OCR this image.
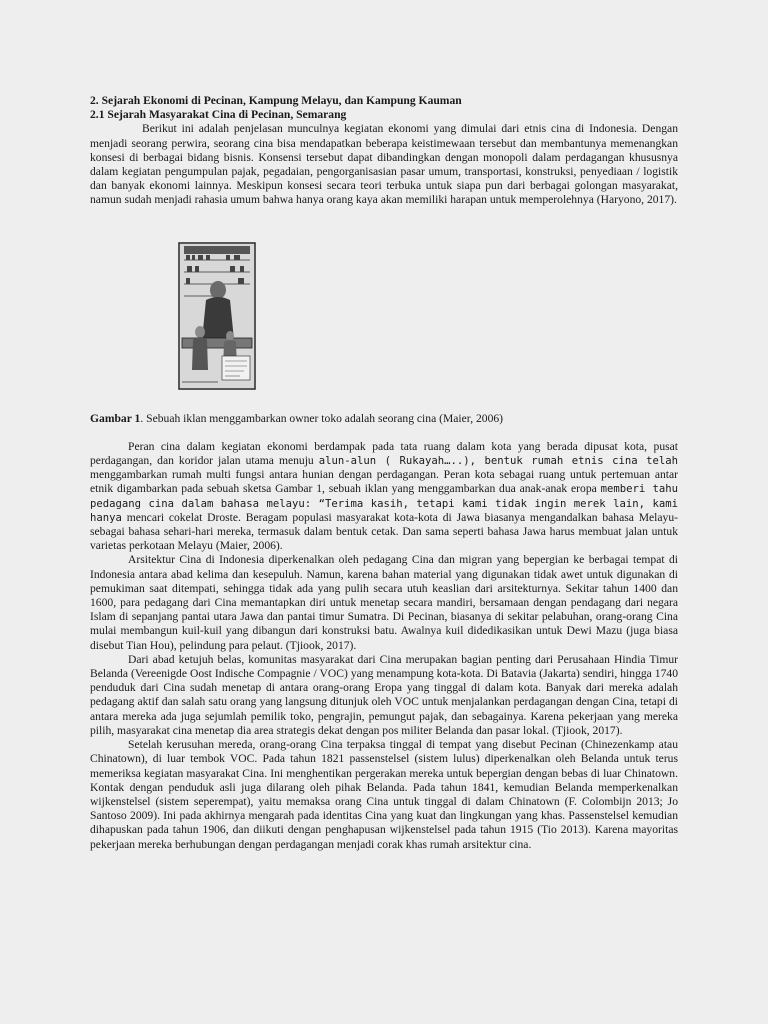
2. Sejarah Ekonomi di Pecinan, Kampung Melayu, dan Kampung Kauman

2.1 Sejarah Masyarakat Cina di Pecinan, Semarang

Berikut ini adalah penjelasan munculnya kegiatan ekonomi yang dimulai dari etnis cina di Indonesia. Dengan menjadi seorang perwira, seorang cina bisa mendapatkan beberapa keistimewaan tersebut dan membantunya memenangkan konsesi di berbagai bidang bisnis. Konsensi tersebut dapat dibandingkan dengan monopoli dalam perdagangan khususnya dalam kegiatan pengumpulan pajak, pegadaian, pengorganisasian pasar umum, transportasi, konstruksi, penyediaan / logistik dan banyak ekonomi lainnya. Meskipun konsesi secara teori terbuka untuk siapa pun dari berbagai golongan masyarakat, namun sudah menjadi rahasia umum bahwa hanya orang kaya akan memiliki harapan untuk memperolehnya (Haryono, 2017).

Gambar 1. Sebuah iklan menggambarkan owner toko adalah seorang cina (Maier, 2006)

Peran cina dalam kegiatan ekonomi berdampak pada tata ruang dalam kota yang berada dipusat kota, pusat perdagangan, dan koridor jalan utama menuju alun-alun ( Rukayah…..), bentuk rumah etnis cina telah menggambarkan rumah multi fungsi antara hunian dengan perdagangan. Peran kota sebagai ruang untuk pertemuan antar etnik digambarkan pada sebuah sketsa Gambar 1, sebuah iklan yang menggambarkan dua anak-anak eropa memberi tahu pedagang cina dalam bahasa melayu: “Terima kasih, tetapi kami tidak ingin merek lain, kami hanya mencari cokelat Droste. Beragam populasi masyarakat kota-kota di Jawa biasanya mengandalkan bahasa Melayu-sebagai bahasa sehari-hari mereka, termasuk dalam bentuk cetak. Dan sama seperti bahasa Jawa harus membuat jalan untuk varietas perkotaan Melayu (Maier, 2006).

Arsitektur Cina di Indonesia diperkenalkan oleh pedagang Cina dan migran yang bepergian ke berbagai tempat di Indonesia antara abad kelima dan kesepuluh. Namun, karena bahan material yang digunakan tidak awet untuk digunakan di pemukiman saat ditempati, sehingga tidak ada yang pulih secara utuh keaslian dari arsitekturnya. Sekitar tahun 1400 dan 1600, para pedagang dari Cina memantapkan diri untuk menetap secara mandiri, bersamaan dengan pendagang dari negara Islam di sepanjang pantai utara Jawa dan pantai timur Sumatra. Di Pecinan, biasanya di sekitar pelabuhan, orang-orang Cina mulai membangun kuil-kuil yang dibangun dari konstruksi batu. Awalnya kuil didedikasikan untuk Dewi Mazu (juga biasa disebut Tian Hou), pelindung para pelaut. (Tjiook, 2017).

Dari abad ketujuh belas, komunitas masyarakat dari Cina merupakan bagian penting dari Perusahaan Hindia Timur Belanda (Vereenigde Oost Indische Compagnie / VOC) yang menampung kota-kota. Di Batavia (Jakarta) sendiri, hingga 1740 penduduk dari Cina sudah menetap di antara orang-orang Eropa yang tinggal di dalam kota. Banyak dari mereka adalah pedagang aktif dan salah satu orang yang langsung ditunjuk oleh VOC untuk menjalankan perdagangan dengan Cina, tetapi di antara mereka ada juga sejumlah pemilik toko, pengrajin, pemungut pajak, dan sebagainya. Karena pekerjaan yang mereka pilih, masyarakat cina menetap dia area strategis dekat dengan pos militer Belanda dan pasar lokal. (Tjiook, 2017).

Setelah kerusuhan mereda, orang-orang Cina terpaksa tinggal di tempat yang disebut Pecinan (Chinezenkamp atau Chinatown), di luar tembok VOC. Pada tahun 1821 passenstelsel (sistem lulus) diperkenalkan oleh Belanda untuk terus memeriksa kegiatan masyarakat Cina. Ini menghentikan pergerakan mereka untuk bepergian dengan bebas di luar Chinatown. Kontak dengan penduduk asli juga dilarang oleh pihak Belanda. Pada tahun 1841, kemudian Belanda memperkenalkan wijkenstelsel (sistem seperempat), yaitu memaksa orang Cina untuk tinggal di dalam Chinatown (F. Colombijn 2013; Jo Santoso 2009). Ini pada akhirnya mengarah pada identitas Cina yang kuat dan lingkungan yang khas. Passenstelsel kemudian dihapuskan pada tahun 1906, dan diikuti dengan penghapusan wijkenstelsel pada tahun 1915 (Tio 2013). Karena mayoritas pekerjaan mereka berhubungan dengan perdagangan menjadi corak khas rumah arsitektur cina.
